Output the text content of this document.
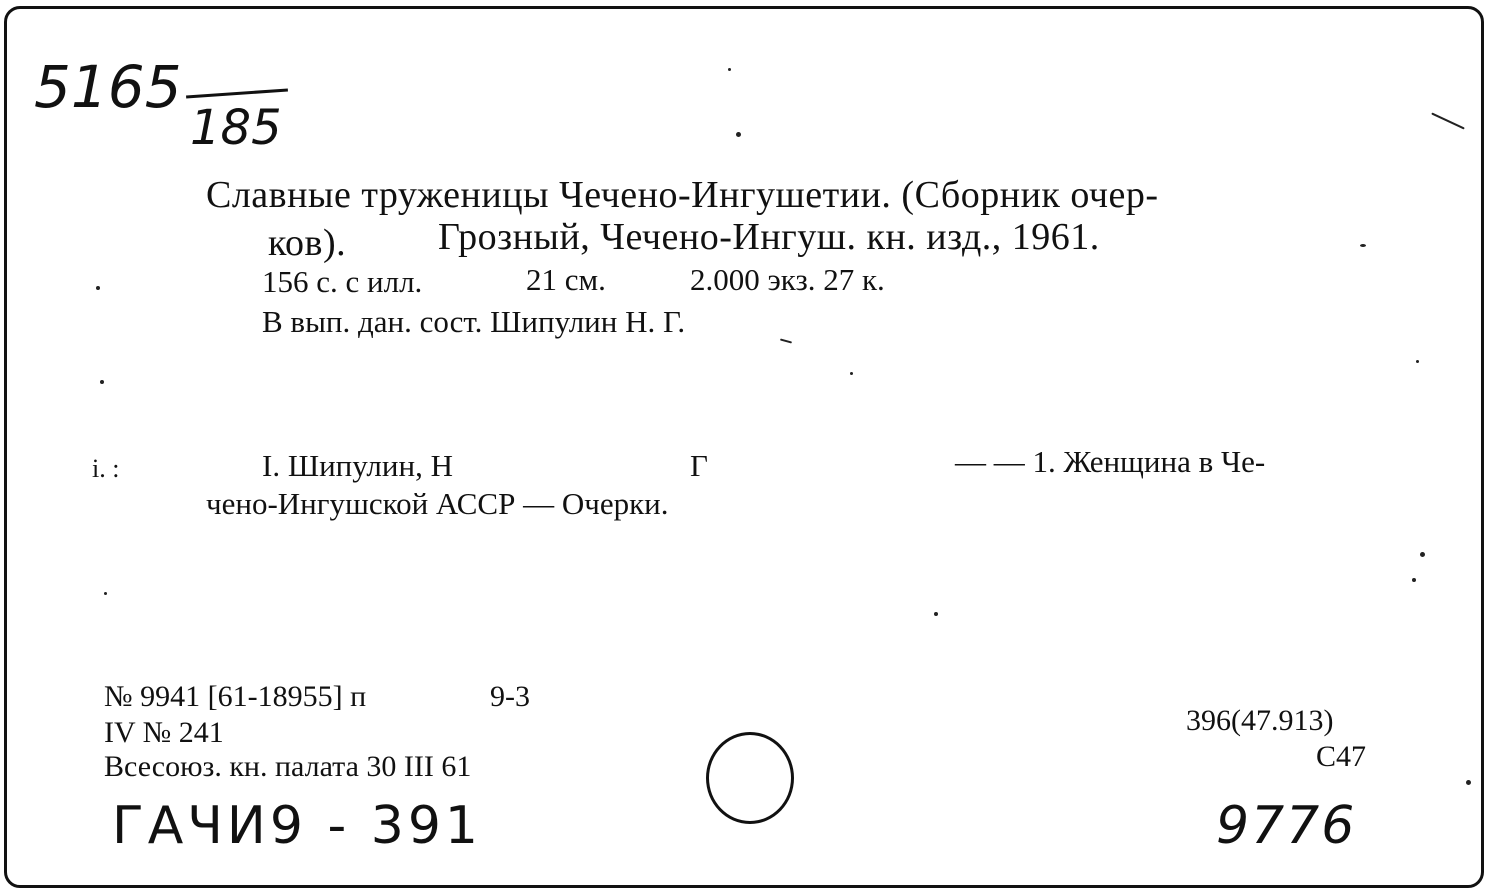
5165
185
Славные труженицы Чечено-Ингушетии. (Сборник очер-
ков). Грозный, Чечено-Ингуш. кн. изд., 1961.
156 с. с илл.	21 см.	2.000 экз. 27 к.
В вып. дан. сост. Шипулин Н. Г.
i. :	I. Шипулин, Н	Г	— — 1. Женщина в Че-
чено-Ингушской АССР — Очерки.
№ 9941 [61-18955] п	9-3
IV № 241
Всесоюз. кн. палата 30 III 61
396(47.913)
С47
ГАЧИ9 - 391	9776
